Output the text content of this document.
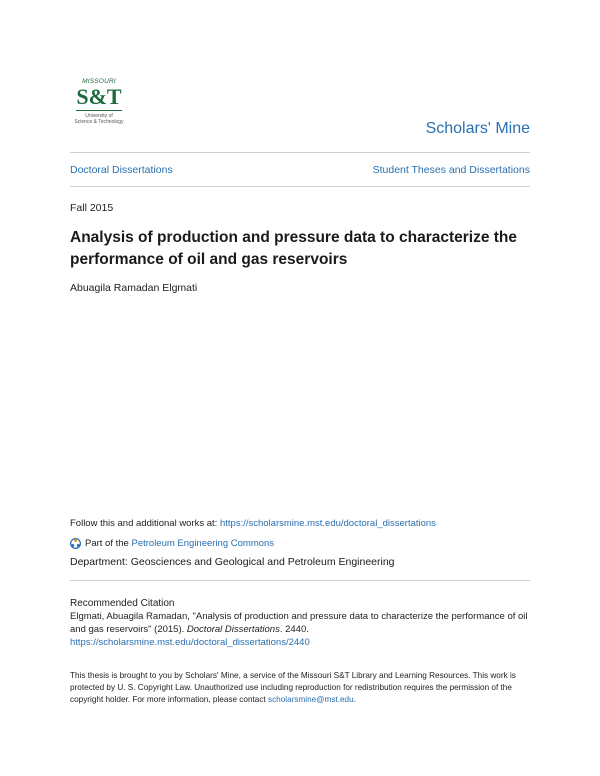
MISSOURI
S&T
University of
Science & Technology	Scholars' Mine
Doctoral Dissertations	Student Theses and Dissertations
Fall 2015
Analysis of production and pressure data to characterize the performance of oil and gas reservoirs
Abuagila Ramadan Elgmati
Follow this and additional works at: https://scholarsmine.mst.edu/doctoral_dissertations
Part of the
Petroleum Engineering Commons
Department: Geosciences and Geological and Petroleum Engineering
Recommended Citation
Elgmati, Abuagila Ramadan, "Analysis of production and pressure data to characterize the performance of oil and gas reservoirs" (2015). Doctoral Dissertations. 2440.
https://scholarsmine.mst.edu/doctoral_dissertations/2440
This thesis is brought to you by Scholars' Mine, a service of the Missouri S&T Library and Learning Resources. This work is protected by U. S. Copyright Law. Unauthorized use including reproduction for redistribution requires the permission of the copyright holder. For more information, please contact scholarsmine@mst.edu.
